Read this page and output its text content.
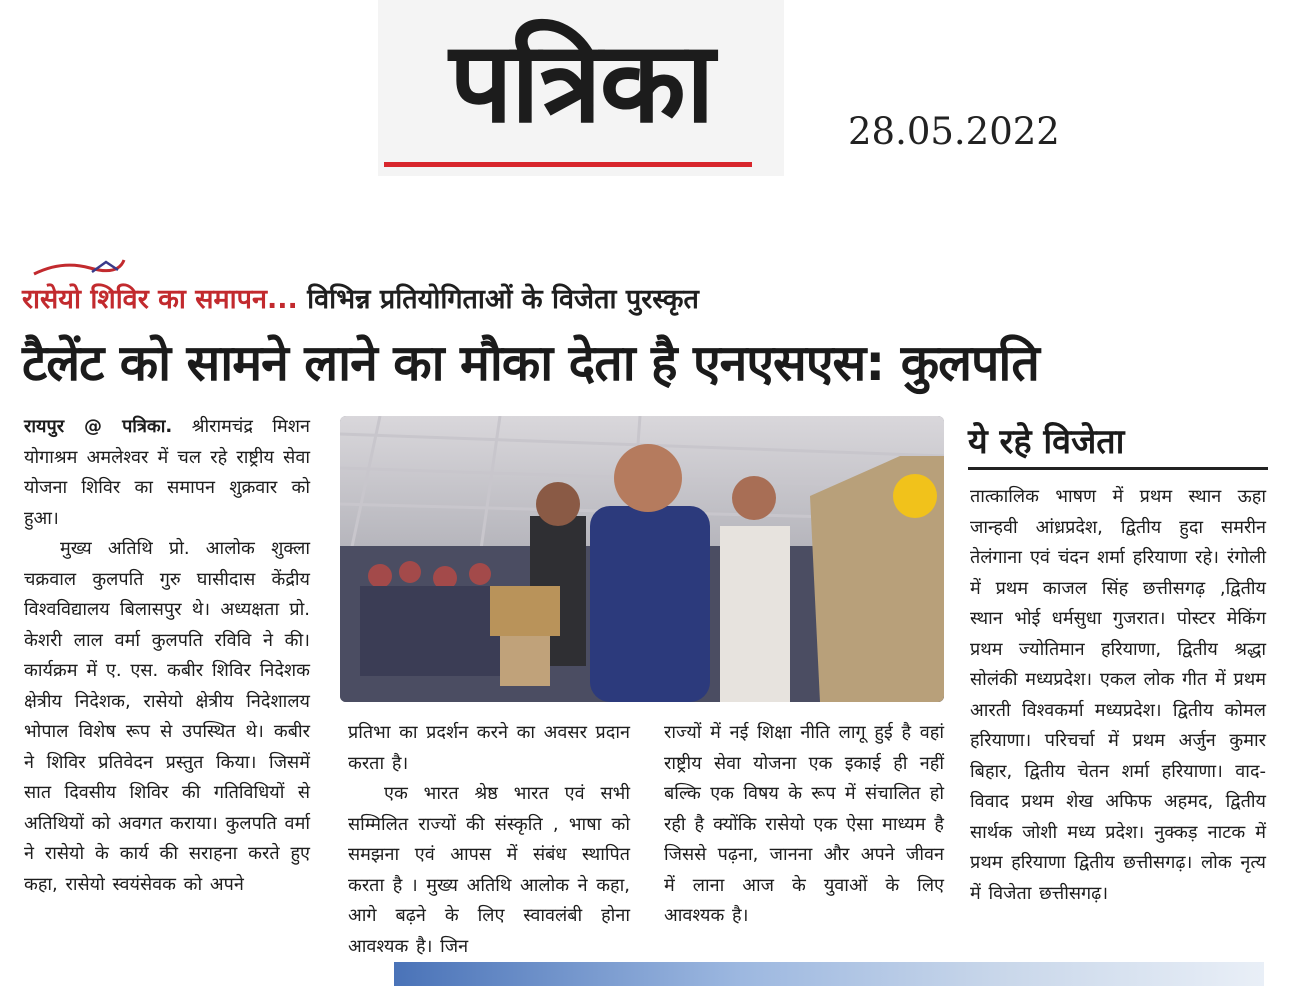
पत्रिका	28.05.2022
रासेयो शिविर का समापन... विभिन्न प्रतियोगिताओं के विजेता पुरस्कृत
टैलेंट को सामने लाने का मौका देता है एनएसएस: कुलपति

रायपुर @ पत्रिका. श्रीरामचंद्र मिशन योगाश्रम अमलेश्वर में चल रहे राष्ट्रीय सेवा योजना शिविर का समापन शुक्रवार को हुआ।

मुख्य अतिथि प्रो. आलोक शुक्ला चक्रवाल कुलपति गुरु घासीदास केंद्रीय विश्वविद्यालय बिलासपुर थे। अध्यक्षता प्रो. केशरी लाल वर्मा कुलपति रविवि ने की। कार्यक्रम में ए. एस. कबीर शिविर निदेशक क्षेत्रीय निदेशक, रासेयो क्षेत्रीय निदेशालय भोपाल विशेष रूप से उपस्थित थे। कबीर ने शिविर प्रतिवेदन प्रस्तुत किया। जिसमें सात दिवसीय शिविर की गतिविधियों से अतिथियों को अवगत कराया। कुलपति वर्मा ने रासेयो के कार्य की सराहना करते हुए कहा, रासेयो स्वयंसेवक को अपने

प्रतिभा का प्रदर्शन करने का अवसर प्रदान करता है।

एक भारत श्रेष्ठ भारत एवं सभी सम्मिलित राज्यों की संस्कृति , भाषा को समझना एवं आपस में संबंध स्थापित करता है । मुख्य अतिथि आलोक ने कहा, आगे बढ़ने के लिए स्वावलंबी होना आवश्यक है। जिन

राज्यों में नई शिक्षा नीति लागू हुई है वहां राष्ट्रीय सेवा योजना एक इकाई ही नहीं बल्कि एक विषय के रूप में संचालित हो रही है क्योंकि रासेयो एक ऐसा माध्यम है जिससे पढ़ना, जानना और अपने जीवन में लाना आज के युवाओं के लिए आवश्यक है।

ये रहे विजेता

तात्कालिक भाषण में प्रथम स्थान ऊहा जान्हवी आंध्रप्रदेश, द्वितीय हुदा समरीन तेलंगाना एवं चंदन शर्मा हरियाणा रहे। रंगोली में प्रथम काजल सिंह छत्तीसगढ़ ,द्वितीय स्थान भोई धर्मसुधा गुजरात। पोस्टर मेकिंग प्रथम ज्योतिमान हरियाणा, द्वितीय श्रद्धा सोलंकी मध्यप्रदेश। एकल लोक गीत में प्रथम आरती विश्वकर्मा मध्यप्रदेश। द्वितीय कोमल हरियाणा। परिचर्चा में प्रथम अर्जुन कुमार बिहार, द्वितीय चेतन शर्मा हरियाणा। वाद-विवाद प्रथम शेख अफिफ अहमद, द्वितीय सार्थक जोशी मध्य प्रदेश। नुक्कड़ नाटक में प्रथम हरियाणा द्वितीय छत्तीसगढ़। लोक नृत्य में विजेता छत्तीसगढ़।
